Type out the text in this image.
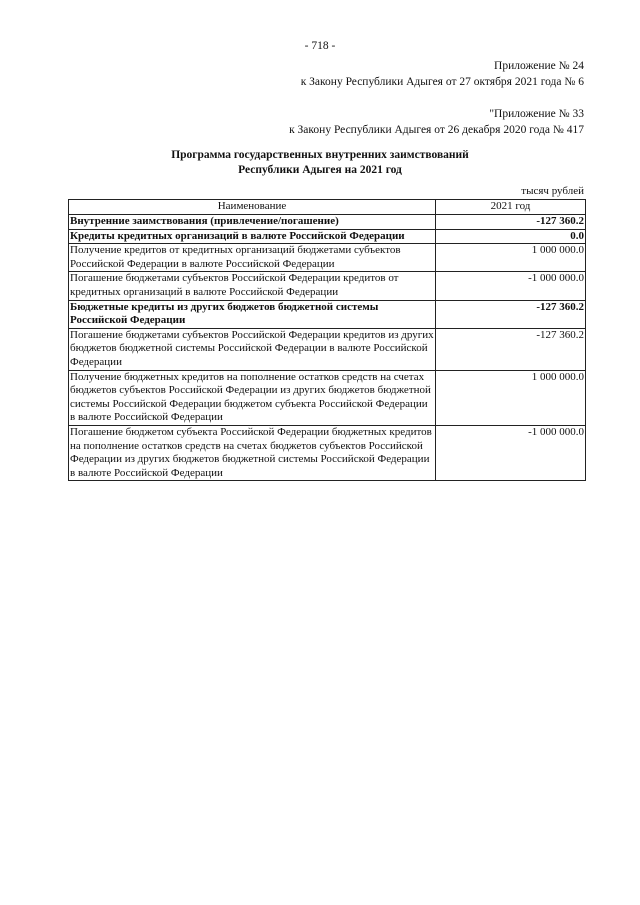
- 718 -
Приложение № 24
к Закону Республики Адыгея от 27 октября 2021 года № 6
"Приложение № 33
к Закону Республики Адыгея от 26 декабря 2020 года № 417
Программа государственных внутренних заимствований
Республики Адыгея на 2021 год
тысяч рублей
Наименование	2021 год
Внутренние заимствования (привлечение/погашение)	-127 360.2
Кредиты кредитных организаций в валюте Российской Федерации	0.0
Получение кредитов от кредитных организаций бюджетами субъектов Российской Федерации в валюте Российской Федерации	1 000 000.0
Погашение бюджетами субъектов Российской Федерации кредитов от кредитных организаций в валюте Российской Федерации	-1 000 000.0
Бюджетные кредиты из других бюджетов бюджетной системы Российской Федерации	-127 360.2
Погашение бюджетами субъектов Российской Федерации кредитов из других бюджетов бюджетной системы Российской Федерации в валюте Российской Федерации	-127 360.2
Получение бюджетных кредитов на пополнение остатков средств на счетах бюджетов субъектов Российской Федерации из других бюджетов бюджетной системы Российской Федерации бюджетом субъекта Российской Федерации в валюте Российской Федерации	1 000 000.0
Погашение бюджетом субъекта Российской Федерации бюджетных кредитов на пополнение остатков средств на счетах бюджетов субъектов Российской Федерации из других бюджетов бюджетной системы Российской Федерации в валюте Российской Федерации	-1 000 000.0
